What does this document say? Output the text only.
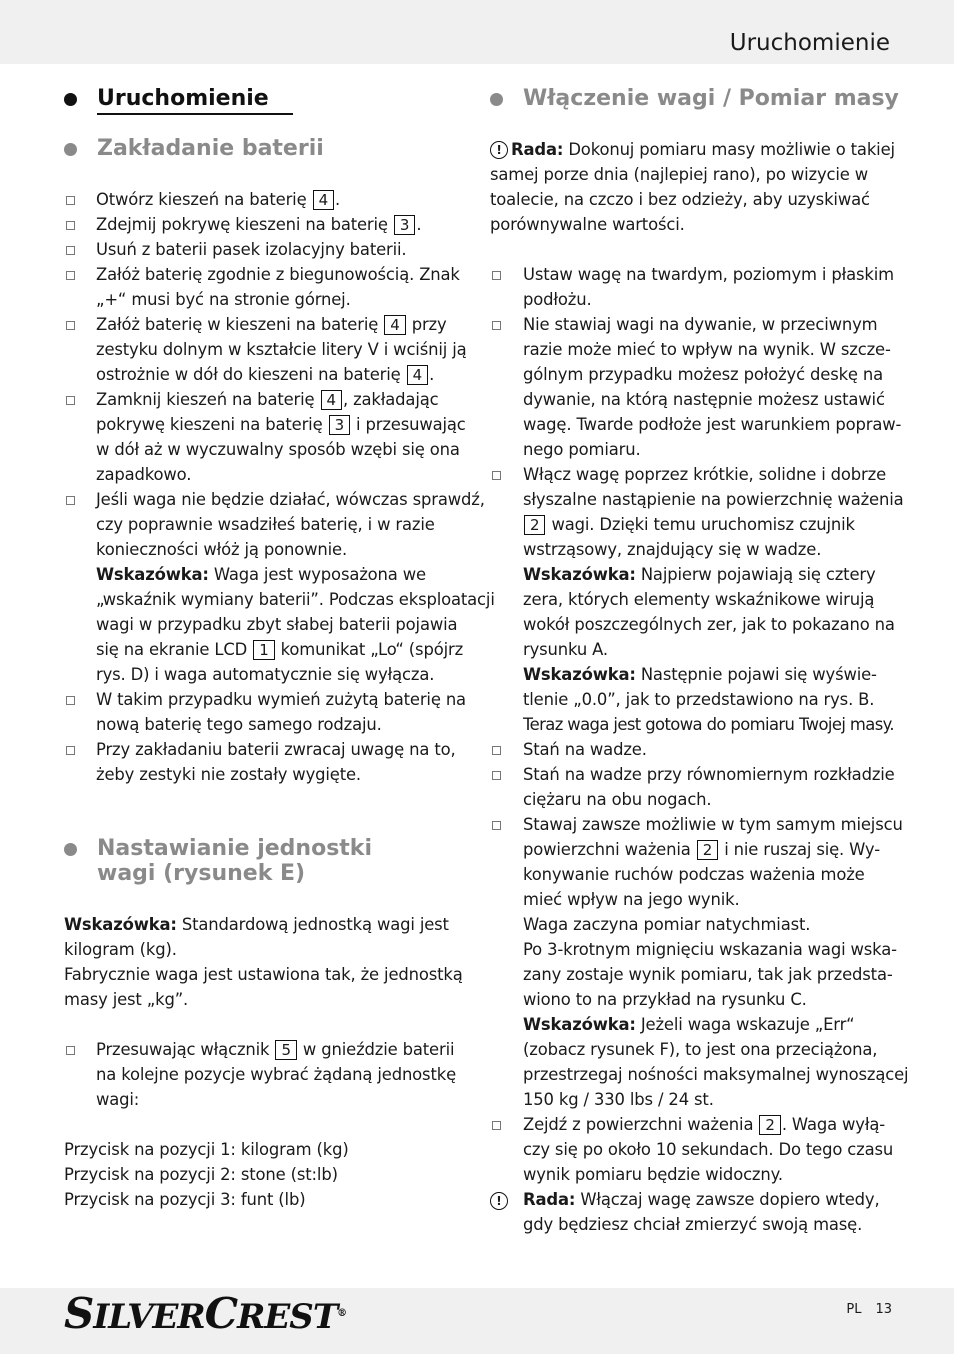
Uruchomienie
Uruchomienie
Zakładanie baterii
Otwórz kieszeń na baterię 4 .
Zdejmij pokrywę kieszeni na baterię 3 .
Usuń z baterii pasek izolacyjny baterii.
Załóż baterię zgodnie z biegunowością. Znak
„+“ musi być na stronie górnej.
Załóż baterię w kieszeni na baterię 4 przy
zestyku dolnym w kształcie litery V i wciśnij ją
ostrożnie w dół do kieszeni na baterię 4 .
Zamknij kieszeń na baterię 4 , zakładając
pokrywę kieszeni na baterię 3 i przesuwając
w dół aż w wyczuwalny sposób wzębi się ona
zapadkowo.
Jeśli waga nie będzie działać, wówczas sprawdź,
czy poprawnie wsadziłeś baterię, i w razie
konieczności włóż ją ponownie.
Wskazówka: Waga jest wyposażona we
„wskaźnik wymiany baterii”. Podczas eksploatacji
wagi w przypadku zbyt słabej baterii pojawia
się na ekranie LCD 1 komunikat „Lo“ (spójrz
rys. D) i waga automatycznie się wyłącza.
W takim przypadku wymień zużytą baterię na
nową baterię tego samego rodzaju.
Przy zakładaniu baterii zwracaj uwagę na to,
żeby zestyki nie zostały wygięte.
Nastawianie jednostki
wagi (rysunek E)
Wskazówka: Standardową jednostką wagi jest
kilogram (kg).
Fabrycznie waga jest ustawiona tak, że jednostką
masy jest „kg”.
Przesuwając włącznik 5 w gnieździe baterii
na kolejne pozycje wybrać żądaną jednostkę
wagi:
Przycisk na pozycji 1: kilogram (kg)
Przycisk na pozycji 2: stone (st:lb)
Przycisk na pozycji 3: funt (lb)
Włączenie wagi / Pomiar masy
! Rada: Dokonuj pomiaru masy możliwie o takiej
samej porze dnia (najlepiej rano), po wizycie w
toalecie, na czczo i bez odzieży, aby uzyskiwać
porównywalne wartości.
Ustaw wagę na twardym, poziomym i płaskim
podłożu.
Nie stawiaj wagi na dywanie, w przeciwnym
razie może mieć to wpływ na wynik. W szcze-
gólnym przypadku możesz położyć deskę na
dywanie, na którą następnie możesz ustawić
wagę. Twarde podłoże jest warunkiem popraw-
nego pomiaru.
Włącz wagę poprzez krótkie, solidne i dobrze
słyszalne nastąpienie na powierzchnię ważenia
2 wagi. Dzięki temu uruchomisz czujnik
wstrząsowy, znajdujący się w wadze.
Wskazówka: Najpierw pojawiają się cztery
zera, których elementy wskaźnikowe wirują
wokół poszczególnych zer, jak to pokazano na
rysunku A.
Wskazówka: Następnie pojawi się wyświe-
tlenie „0.0”, jak to przedstawiono na rys. B.
Teraz waga jest gotowa do pomiaru Twojej masy.
Stań na wadze.
Stań na wadze przy równomiernym rozkładzie
ciężaru na obu nogach.
Stawaj zawsze możliwie w tym samym miejscu
powierzchni ważenia 2 i nie ruszaj się. Wy-
konywanie ruchów podczas ważenia może
mieć wpływ na jego wynik.
Waga zaczyna pomiar natychmiast.
Po 3-krotnym mignięciu wskazania wagi wska-
zany zostaje wynik pomiaru, tak jak przedsta-
wiono to na przykład na rysunku C.
Wskazówka: Jeżeli waga wskazuje „Err“
(zobacz rysunek F), to jest ona przeciążona,
przestrzegaj nośności maksymalnej wynoszącej
150 kg / 330 lbs / 24 st.
Zejdź z powierzchni ważenia 2 . Waga wyłą-
czy się po około 10 sekundach. Do tego czasu
wynik pomiaru będzie widoczny.
!	Rada: Włączaj wagę zawsze dopiero wtedy,
gdy będziesz chciał zmierzyć swoją masę.
SILVERCREST®	PL 13
